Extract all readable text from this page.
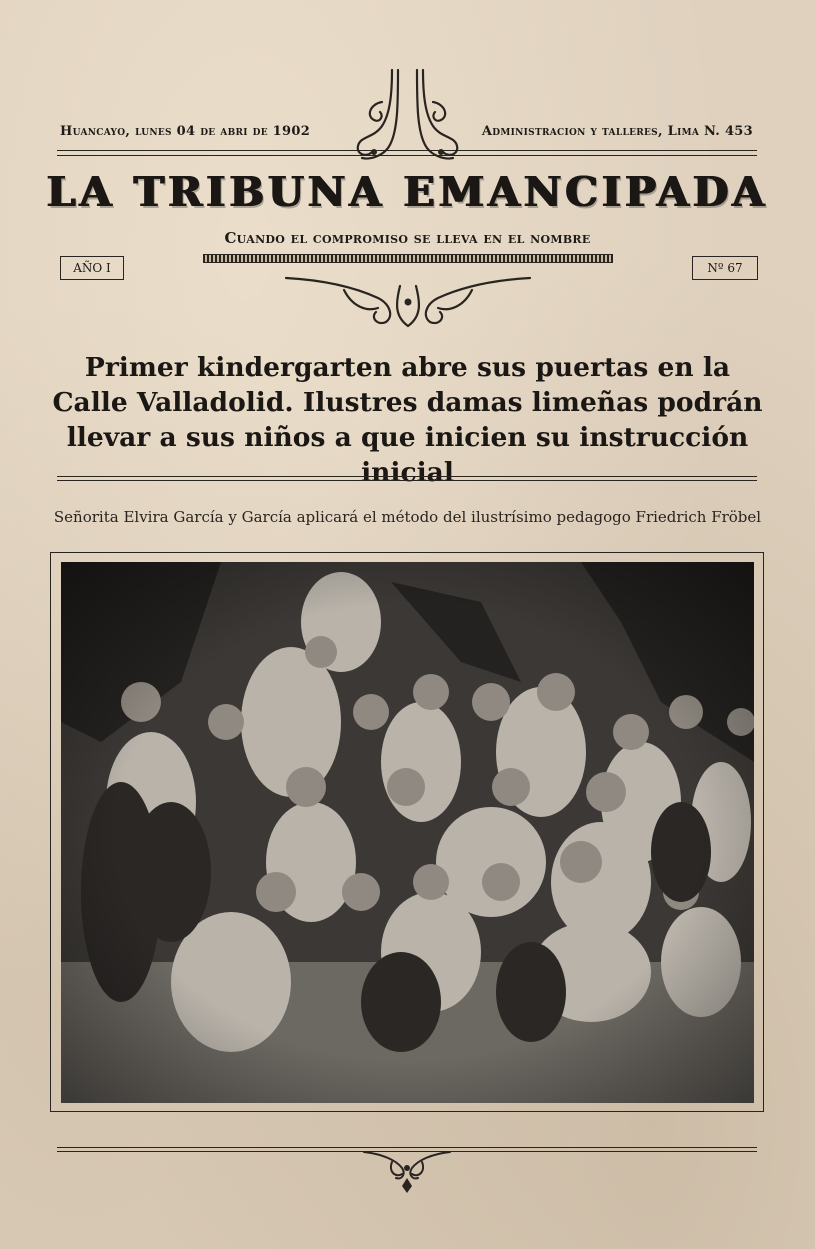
Huancayo, lunes 04 de abri de 1902	Administracion y talleres, Lima N. 453
LA TRIBUNA EMANCIPADA
Cuando el compromiso se lleva en el nombre
AÑO I	Nº 67
Primer kindergarten abre sus puertas en la Calle Valladolid. Ilustres damas limeñas podrán llevar a sus niños a que inicien su instrucción inicial
Señorita Elvira García y García aplicará el método del ilustrísimo pedagogo Friedrich Fröbel
